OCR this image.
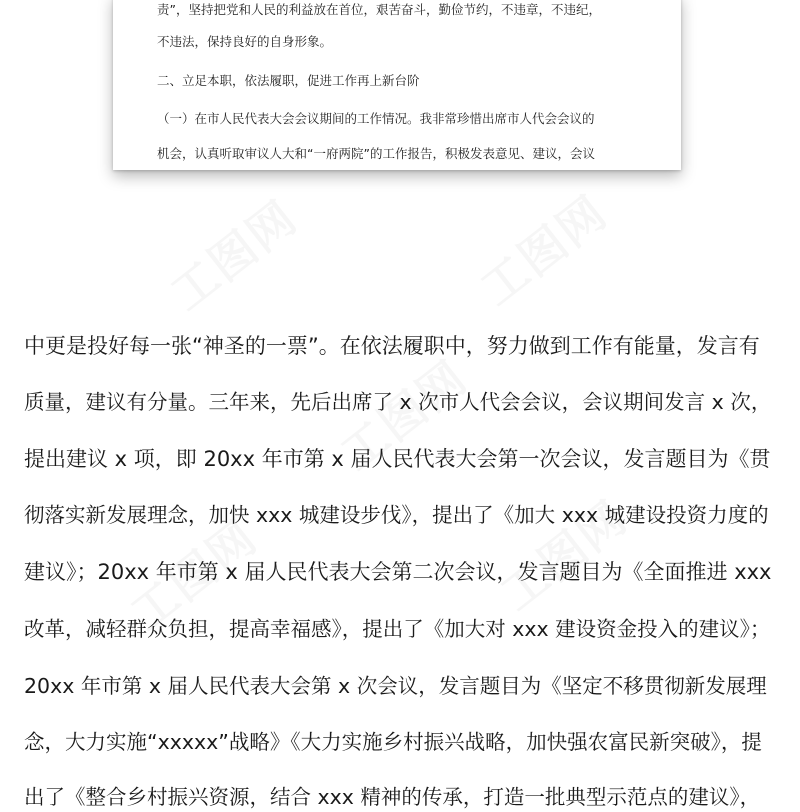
责”，坚持把党和人民的利益放在首位，艰苦奋斗，勤俭节约，不违章，不违纪，
不违法，保持良好的自身形象。
二、立足本职，依法履职，促进工作再上新台阶
（一）在市人民代表大会会议期间的工作情况。我非常珍惜出席市人代会会议的
机会，认真听取审议人大和“一府两院”的工作报告，积极发表意见、建议，会议
中更是投好每一张“神圣的一票”。在依法履职中，努力做到工作有能量，发言有
质量，建议有分量。三年来，先后出席了 x 次市人代会会议，会议期间发言 x 次，
提出建议 x 项，即 20xx 年市第 x 届人民代表大会第一次会议，发言题目为《贯
彻落实新发展理念，加快 xxx 城建设步伐》，提出了《加大 xxx 城建设投资力度的
建议》；20xx 年市第 x 届人民代表大会第二次会议，发言题目为《全面推进 xxx
改革，减轻群众负担，提高幸福感》，提出了《加大对 xxx 建设资金投入的建议》；
20xx 年市第 x 届人民代表大会第 x 次会议，发言题目为《坚定不移贯彻新发展理
念，大力实施“xxxxx”战略》《大力实施乡村振兴战略，加快强农富民新突破》，提
出了《整合乡村振兴资源，结合 xxx 精神的传承，打造一批典型示范点的建议》，
